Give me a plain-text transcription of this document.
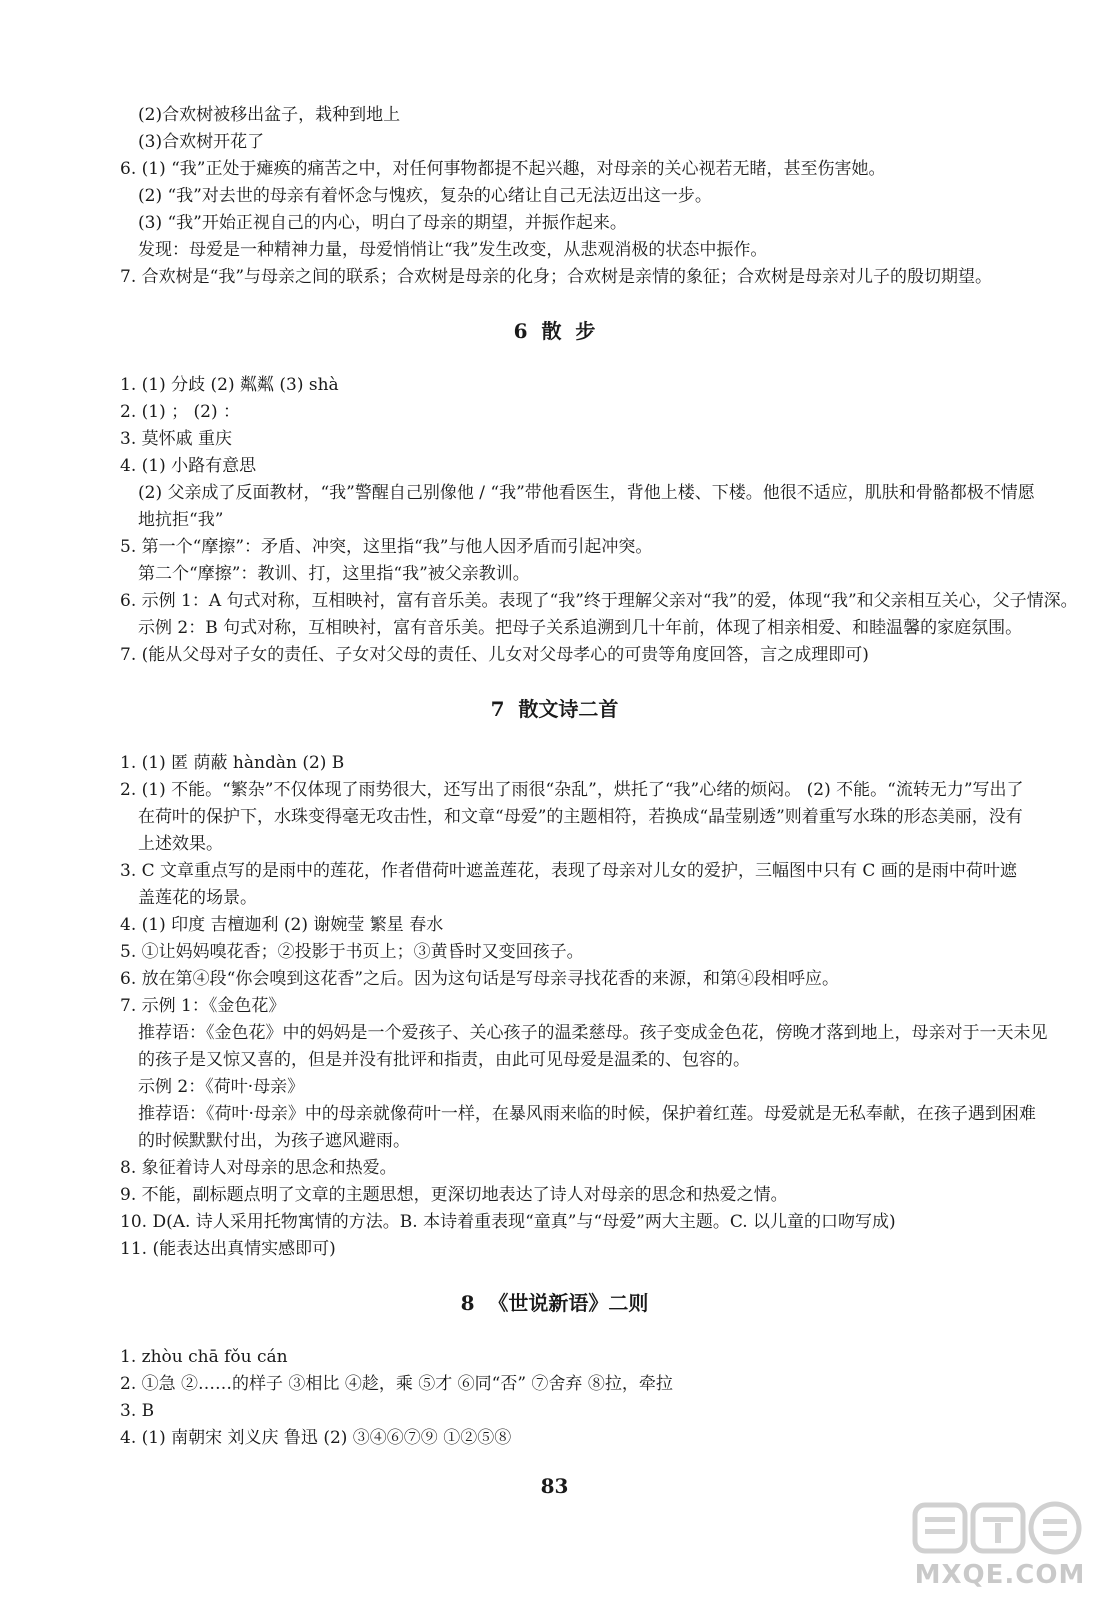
(2)合欢树被移出盆子，栽种到地上
(3)合欢树开花了
6. (1) “我”正处于瘫痪的痛苦之中，对任何事物都提不起兴趣，对母亲的关心视若无睹，甚至伤害她。
(2) “我”对去世的母亲有着怀念与愧疚，复杂的心绪让自己无法迈出这一步。
(3) “我”开始正视自己的内心，明白了母亲的期望，并振作起来。
发现：母爱是一种精神力量，母爱悄悄让“我”发生改变，从悲观消极的状态中振作。
7. 合欢树是“我”与母亲之间的联系；合欢树是母亲的化身；合欢树是亲情的象征；合欢树是母亲对儿子的殷切期望。
6  散  步
1. (1) 分歧 (2) 粼粼 (3) shà
2. (1) ； (2) ：
3. 莫怀戚 重庆
4. (1) 小路有意思
(2) 父亲成了反面教材，“我”警醒自己别像他 / “我”带他看医生，背他上楼、下楼。他很不适应，肌肤和骨骼都极不情愿
地抗拒“我”
5. 第一个“摩擦”：矛盾、冲突，这里指“我”与他人因矛盾而引起冲突。
第二个“摩擦”：教训、打，这里指“我”被父亲教训。
6. 示例 1：A 句式对称，互相映衬，富有音乐美。表现了“我”终于理解父亲对“我”的爱，体现“我”和父亲相互关心，父子情深。
示例 2：B 句式对称，互相映衬，富有音乐美。把母子关系追溯到几十年前，体现了相亲相爱、和睦温馨的家庭氛围。
7. (能从父母对子女的责任、子女对父母的责任、儿女对父母孝心的可贵等角度回答，言之成理即可)
7  散文诗二首
1. (1) 匿 荫蔽 hàndàn (2) B
2. (1) 不能。“繁杂”不仅体现了雨势很大，还写出了雨很“杂乱”，烘托了“我”心绪的烦闷。 (2) 不能。“流转无力”写出了
在荷叶的保护下，水珠变得毫无攻击性，和文章“母爱”的主题相符，若换成“晶莹剔透”则着重写水珠的形态美丽，没有
上述效果。
3. C 文章重点写的是雨中的莲花，作者借荷叶遮盖莲花，表现了母亲对儿女的爱护，三幅图中只有 C 画的是雨中荷叶遮
盖莲花的场景。
4. (1) 印度 吉檀迦利 (2) 谢婉莹 繁星 春水
5. ①让妈妈嗅花香；②投影于书页上；③黄昏时又变回孩子。
6. 放在第④段“你会嗅到这花香”之后。因为这句话是写母亲寻找花香的来源，和第④段相呼应。
7. 示例 1：《金色花》
推荐语：《金色花》中的妈妈是一个爱孩子、关心孩子的温柔慈母。孩子变成金色花，傍晚才落到地上，母亲对于一天未见
的孩子是又惊又喜的，但是并没有批评和指责，由此可见母爱是温柔的、包容的。
示例 2：《荷叶·母亲》
推荐语：《荷叶·母亲》中的母亲就像荷叶一样，在暴风雨来临的时候，保护着红莲。母爱就是无私奉献，在孩子遇到困难
的时候默默付出，为孩子遮风避雨。
8. 象征着诗人对母亲的思念和热爱。
9. 不能，副标题点明了文章的主题思想，更深切地表达了诗人对母亲的思念和热爱之情。
10. D(A. 诗人采用托物寓情的方法。B. 本诗着重表现“童真”与“母爱”两大主题。C. 以儿童的口吻写成)
11. (能表达出真情实感即可)
8  《世说新语》二则
1. zhòu chā fǒu cán
2. ①急 ②……的样子 ③相比 ④趁，乘 ⑤才 ⑥同“否” ⑦舍弃 ⑧拉，牵拉
3. B
4. (1) 南朝宋 刘义庆 鲁迅 (2) ③④⑥⑦⑨ ①②⑤⑧
83
MXQE.COM
